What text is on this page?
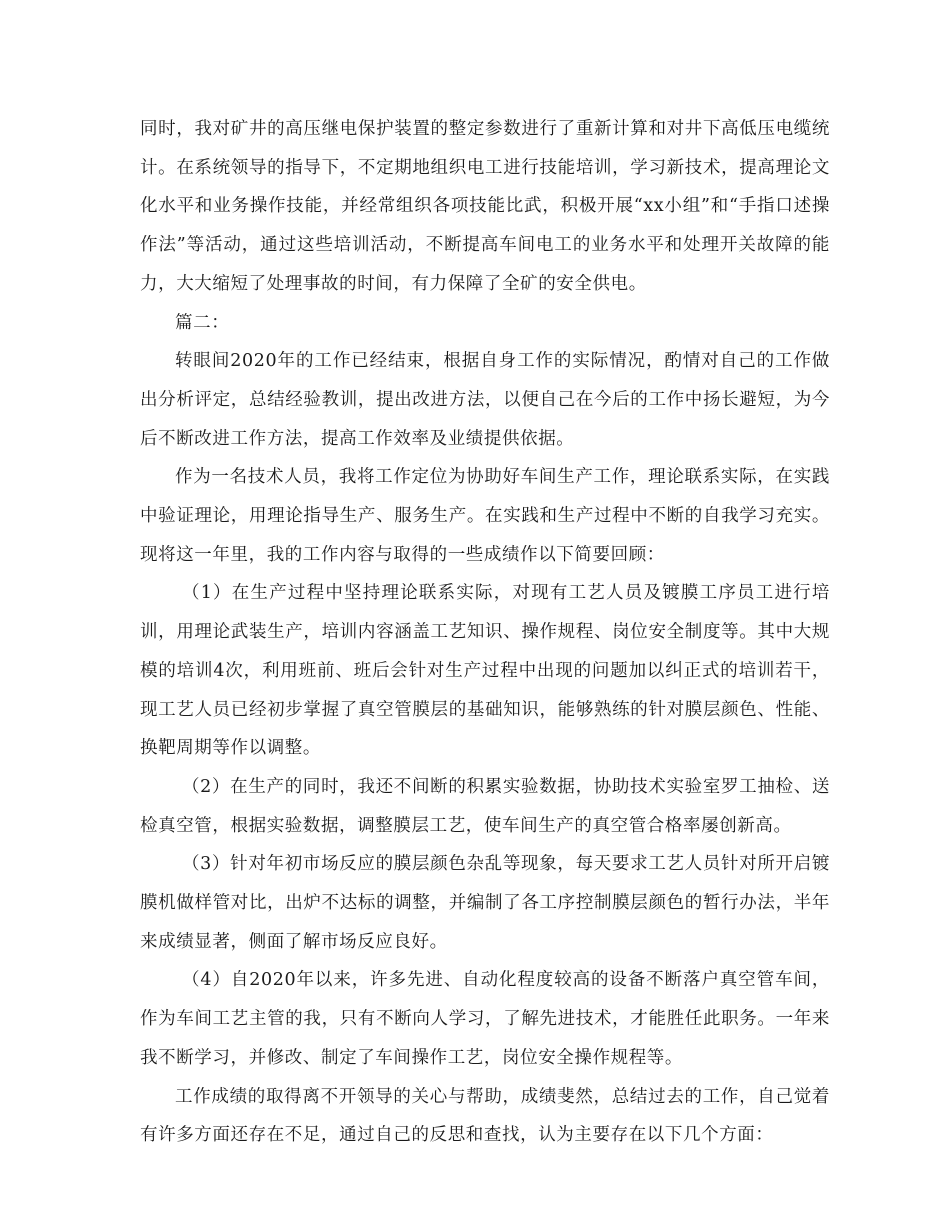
同时，我对矿井的高压继电保护装置的整定参数进行了重新计算和对井下高低压电缆统计。在系统领导的指导下，不定期地组织电工进行技能培训，学习新技术，提高理论文化水平和业务操作技能，并经常组织各项技能比武，积极开展“xx小组”和“手指口述操作法”等活动，通过这些培训活动，不断提高车间电工的业务水平和处理开关故障的能力，大大缩短了处理事故的时间，有力保障了全矿的安全供电。

篇二：

转眼间2020年的工作已经结束，根据自身工作的实际情况，酌情对自己的工作做出分析评定，总结经验教训，提出改进方法，以便自己在今后的工作中扬长避短，为今后不断改进工作方法，提高工作效率及业绩提供依据。

作为一名技术人员，我将工作定位为协助好车间生产工作，理论联系实际，在实践中验证理论，用理论指导生产、服务生产。在实践和生产过程中不断的自我学习充实。现将这一年里，我的工作内容与取得的一些成绩作以下简要回顾：

（1）在生产过程中坚持理论联系实际，对现有工艺人员及镀膜工序员工进行培训，用理论武装生产，培训内容涵盖工艺知识、操作规程、岗位安全制度等。其中大规模的培训4次，利用班前、班后会针对生产过程中出现的问题加以纠正式的培训若干，现工艺人员已经初步掌握了真空管膜层的基础知识，能够熟练的针对膜层颜色、性能、换靶周期等作以调整。

（2）在生产的同时，我还不间断的积累实验数据，协助技术实验室罗工抽检、送检真空管，根据实验数据，调整膜层工艺，使车间生产的真空管合格率屡创新高。

（3）针对年初市场反应的膜层颜色杂乱等现象，每天要求工艺人员针对所开启镀膜机做样管对比，出炉不达标的调整，并编制了各工序控制膜层颜色的暂行办法，半年来成绩显著，侧面了解市场反应良好。

（4）自2020年以来，许多先进、自动化程度较高的设备不断落户真空管车间，作为车间工艺主管的我，只有不断向人学习，了解先进技术，才能胜任此职务。一年来我不断学习，并修改、制定了车间操作工艺，岗位安全操作规程等。

工作成绩的取得离不开领导的关心与帮助，成绩斐然，总结过去的工作，自己觉着有许多方面还存在不足，通过自己的反思和查找，认为主要存在以下几个方面：
